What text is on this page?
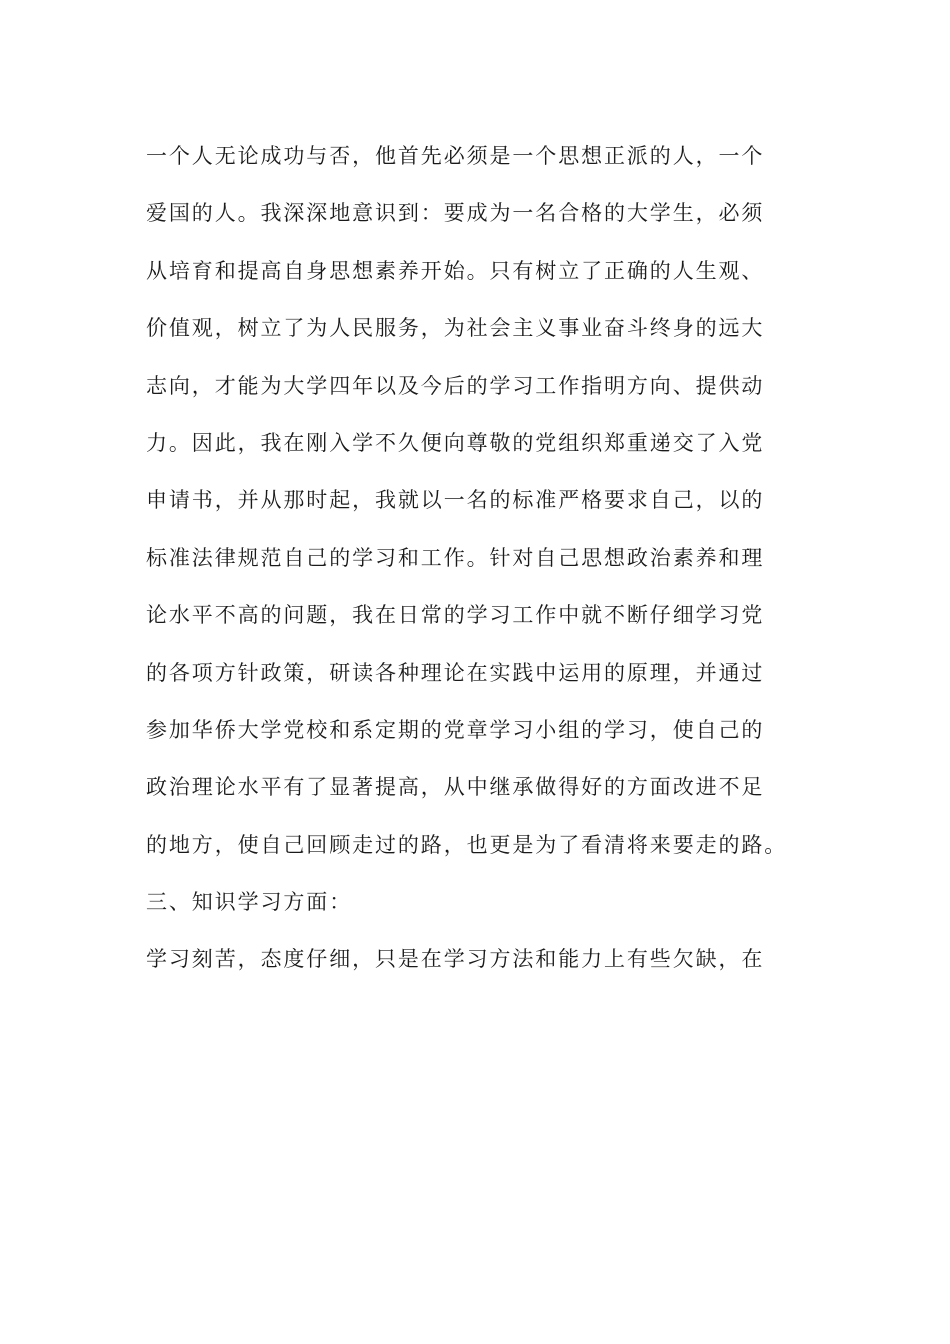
一个人无论成功与否，他首先必须是一个思想正派的人，一个
爱国的人。我深深地意识到：要成为一名合格的大学生，必须
从培育和提高自身思想素养开始。只有树立了正确的人生观、
价值观，树立了为人民服务，为社会主义事业奋斗终身的远大
志向，才能为大学四年以及今后的学习工作指明方向、提供动
力。因此，我在刚入学不久便向尊敬的党组织郑重递交了入党
申请书，并从那时起，我就以一名的标准严格要求自己，以的
标准法律规范自己的学习和工作。针对自己思想政治素养和理
论水平不高的问题，我在日常的学习工作中就不断仔细学习党
的各项方针政策，研读各种理论在实践中运用的原理，并通过
参加华侨大学党校和系定期的党章学习小组的学习，使自己的
政治理论水平有了显著提高，从中继承做得好的方面改进不足
的地方，使自己回顾走过的路，也更是为了看清将来要走的路。
三、知识学习方面：
学习刻苦，态度仔细，只是在学习方法和能力上有些欠缺，在
